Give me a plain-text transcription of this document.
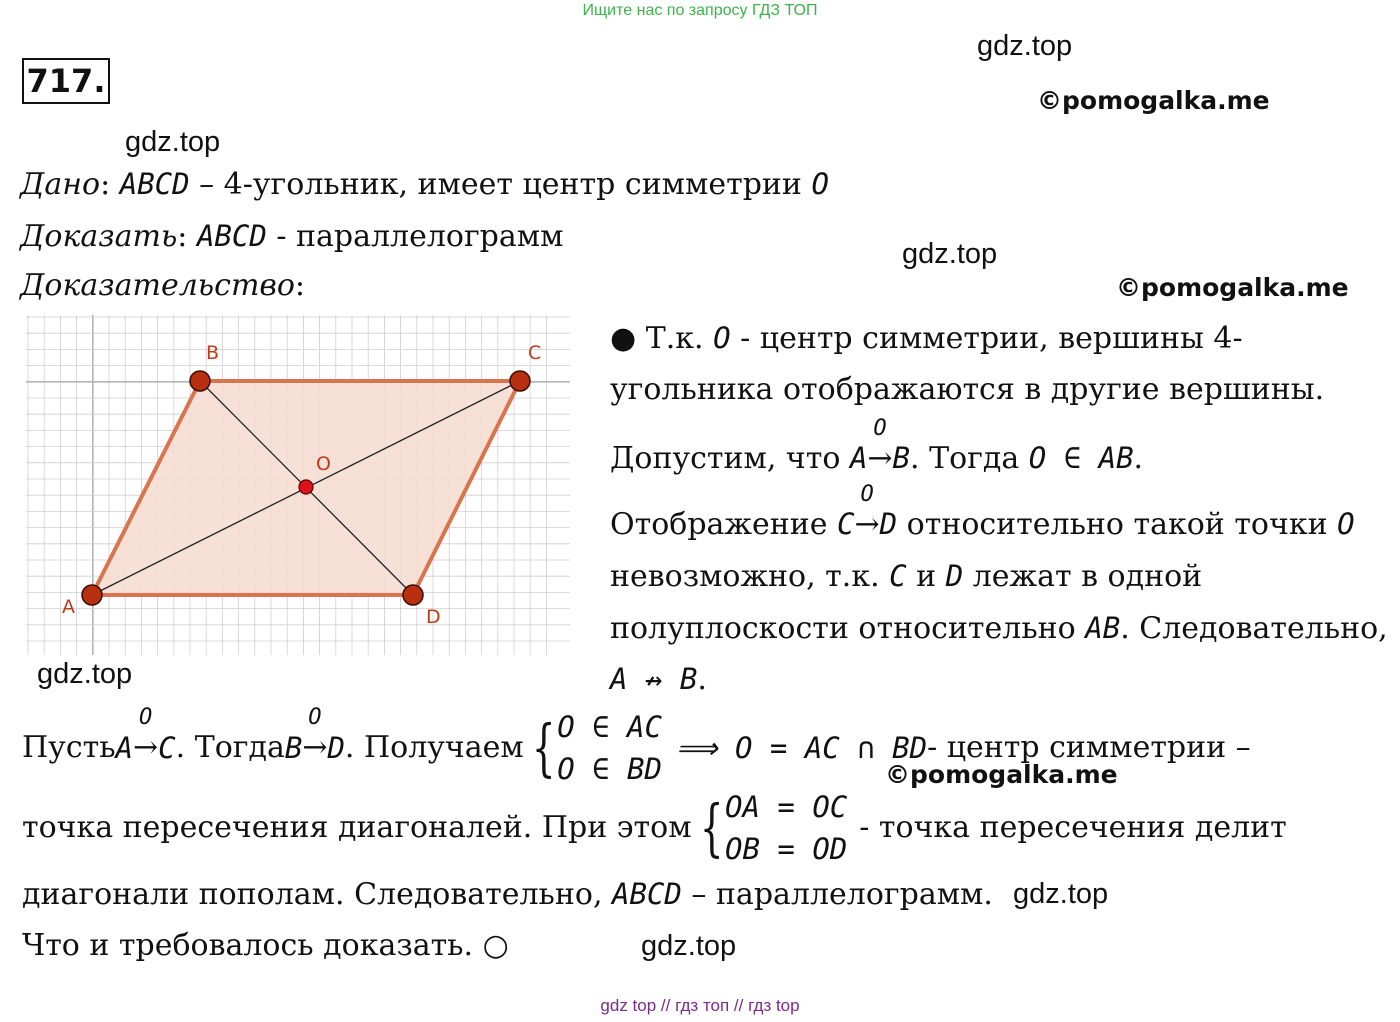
Ищите нас по запросу ГДЗ ТОП
717.
gdz.top
©pomogalka.me
gdz.top
gdz.top
©pomogalka.me
gdz.top
©pomogalka.me
gdz.top
gdz.top
Дано: ABCD – 4-угольник, имеет центр симметрии O
Доказать: ABCD - параллелограмм
Доказательство:
A
B	C
D
O
● Т.к. O - центр симметрии, вершины 4-
угольника отображаются в другие вершины.
Допустим, что A
O
→B. Тогда O ∈ AB.
Отображение C
O
→D относительно такой точки O
невозможно, т.к. C и D лежат в одной
полуплоскости относительно AB. Следовательно,
A ↛ B.
Пусть A
O
→ C . Тогда B
O
→ D . Получаем { O ∈ AC
O ∈ BD
⟹ O = AC ∩ BD - центр симметрии –
точка пересечения диагоналей. При этом { OA = OC
OB = OD
- точка пересечения делит
диагонали пополам. Следовательно, ABCD – параллелограмм.
Что и требовалось доказать. ○
gdz top // гдз топ // гдз top
